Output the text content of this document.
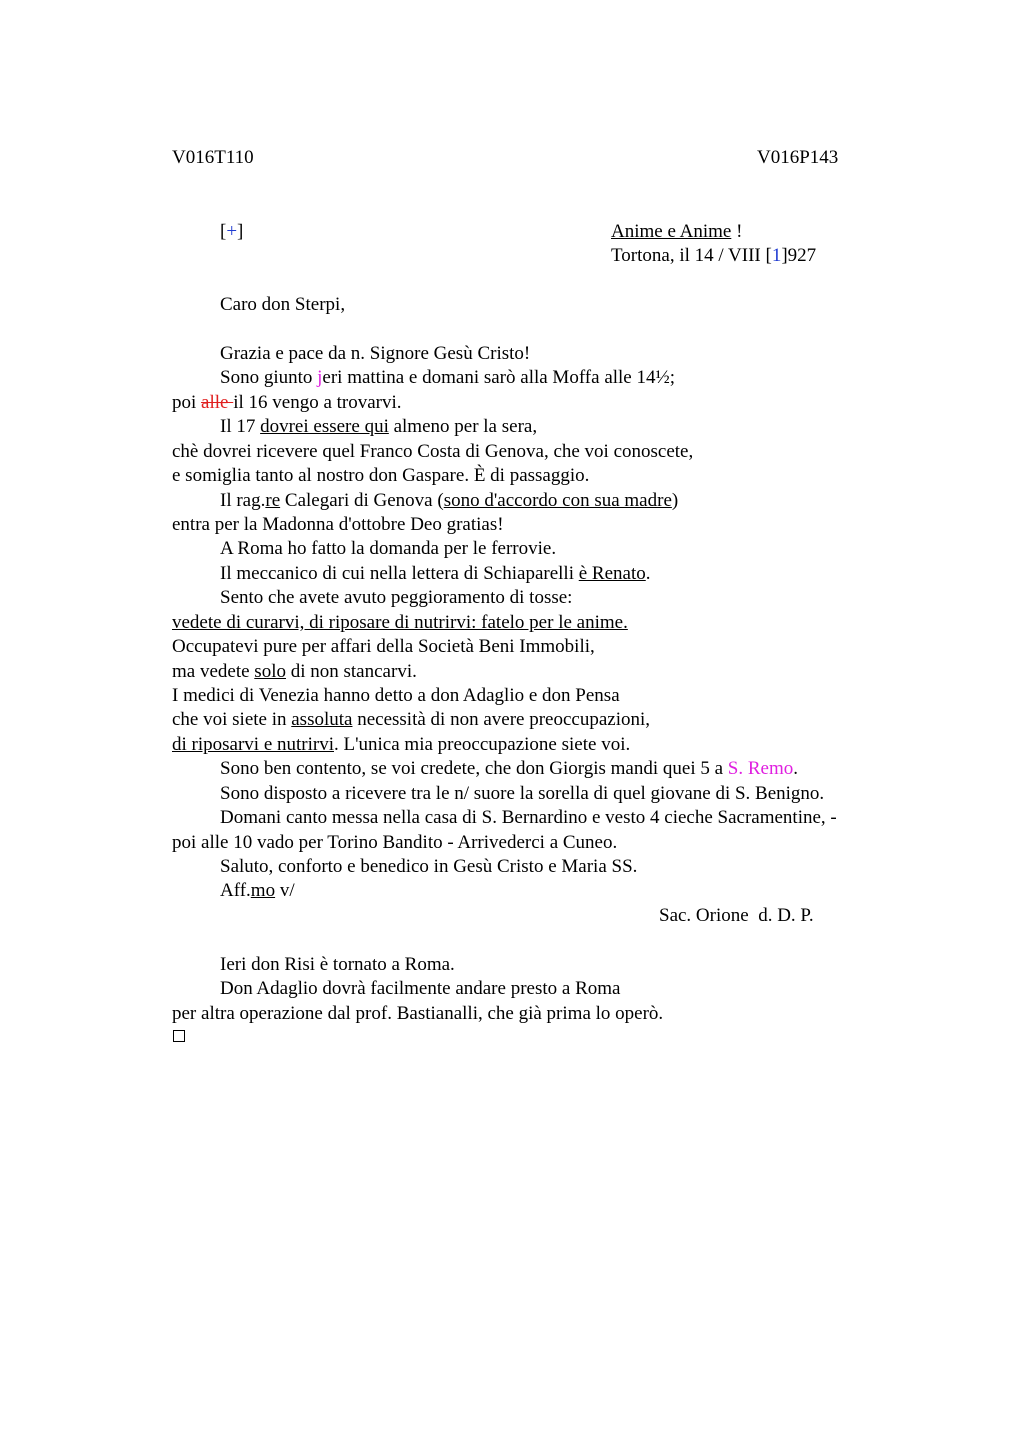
V016T110	V016P143
[+]	Anime e Anime !
Tortona, il 14 / VIII [1]927
Caro don Sterpi,
Grazia e pace da n. Signore Gesù Cristo!
Sono giunto jeri mattina e domani sarò alla Moffa alle 14½;
poi alle il 16 vengo a trovarvi.
Il 17 dovrei essere qui almeno per la sera,
chè dovrei ricevere quel Franco Costa di Genova, che voi conoscete,
e somiglia tanto al nostro don Gaspare. È di passaggio.
Il rag.re Calegari di Genova (sono d'accordo con sua madre)
entra per la Madonna d'ottobre Deo gratias!
A Roma ho fatto la domanda per le ferrovie.
Il meccanico di cui nella lettera di Schiaparelli è Renato.
Sento che avete avuto peggioramento di tosse:
vedete di curarvi, di riposare di nutrirvi: fatelo per le anime.
Occupatevi pure per affari della Società Beni Immobili,
ma vedete solo di non stancarvi.
I medici di Venezia hanno detto a don Adaglio e don Pensa
che voi siete in assoluta necessità di non avere preoccupazioni,
di riposarvi e nutrirvi. L'unica mia preoccupazione siete voi.
Sono ben contento, se voi credete, che don Giorgis mandi quei 5 a S. Remo.
Sono disposto a ricevere tra le n/ suore la sorella di quel giovane di S. Benigno.
Domani canto messa nella casa di S. Bernardino e vesto 4 cieche Sacramentine, -
poi alle 10 vado per Torino Bandito - Arrivederci a Cuneo.
Saluto, conforto e benedico in Gesù Cristo e Maria SS.
Aff.mo v/
Sac. Orione  d. D. P.
Ieri don Risi è tornato a Roma.
Don Adaglio dovrà facilmente andare presto a Roma
per altra operazione dal prof. Bastianalli, che già prima lo operò.
